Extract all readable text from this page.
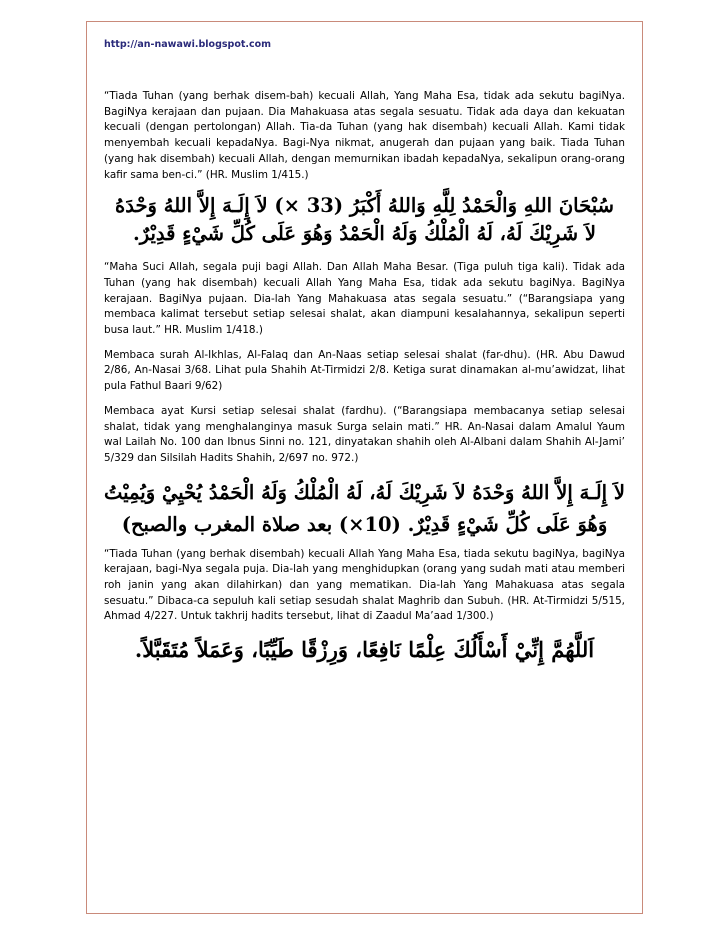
http://an-nawawi.blogspot.com

“Tiada Tuhan (yang berhak disem-bah) kecuali Allah, Yang Maha Esa, tidak ada sekutu bagiNya. BagiNya kerajaan dan pujaan. Dia Mahakuasa atas segala sesuatu. Tidak ada daya dan kekuatan kecuali (dengan pertolongan) Allah. Tia-da Tuhan (yang hak disembah) kecuali Allah. Kami tidak menyembah kecuali kepadaNya. Bagi-Nya nikmat, anugerah dan pujaan yang baik. Tiada Tuhan (yang hak disembah) kecuali Allah, dengan memurnikan ibadah kepadaNya, sekalipun orang-orang kafir sama ben-ci.” (HR. Muslim 1/415.)

سُبْحَانَ اللهِ وَالْحَمْدُ لِلَّهِ وَاللهُ أَكْبَرُ (33 ×) لاَ إِلَـهَ إِلاَّ اللهُ وَحْدَهُ لاَ شَرِيْكَ لَهُ، لَهُ الْمُلْكُ وَلَهُ الْحَمْدُ وَهُوَ عَلَى كُلِّ شَيْءٍ قَدِيْرٌ.

“Maha Suci Allah, segala puji bagi Allah. Dan Allah Maha Besar. (Tiga puluh tiga kali). Tidak ada Tuhan (yang hak disembah) kecuali Allah Yang Maha Esa, tidak ada sekutu bagiNya. BagiNya kerajaan. BagiNya pujaan. Dia-lah Yang Mahakuasa atas segala sesuatu.” (“Barangsiapa yang membaca kalimat tersebut setiap selesai shalat, akan diampuni kesalahannya, sekalipun seperti busa laut.” HR. Muslim 1/418.)

Membaca surah Al-Ikhlas, Al-Falaq dan An-Naas setiap selesai shalat (far-dhu). (HR. Abu Dawud 2/86, An-Nasai 3/68. Lihat pula Shahih At-Tirmidzi 2/8. Ketiga surat dinamakan al-mu’awidzat, lihat pula Fathul Baari 9/62)

Membaca ayat Kursi setiap selesai shalat (fardhu). (“Barangsiapa membacanya setiap selesai shalat, tidak yang menghalanginya masuk Surga selain mati.” HR. An-Nasai dalam Amalul Yaum wal Lailah No. 100 dan Ibnus Sinni no. 121, dinyatakan shahih oleh Al-Albani dalam Shahih Al-Jami’ 5/329 dan Silsilah Hadits Shahih, 2/697 no. 972.)

لاَ إِلَـهَ إِلاَّ اللهُ وَحْدَهُ لاَ شَرِيْكَ لَهُ، لَهُ الْمُلْكُ وَلَهُ الْحَمْدُ يُحْيِيْ وَيُمِيْتُ وَهُوَ عَلَى كُلِّ شَيْءٍ قَدِيْرٌ. (10×) بعد صلاة المغرب والصبح)

“Tiada Tuhan (yang berhak disembah) kecuali Allah Yang Maha Esa, tiada sekutu bagiNya, bagiNya kerajaan, bagi-Nya segala puja. Dia-lah yang menghidupkan (orang yang sudah mati atau memberi roh janin yang akan dilahirkan) dan yang mematikan. Dia-lah Yang Mahakuasa atas segala sesuatu.” Dibaca-ca sepuluh kali setiap sesudah shalat Maghrib dan Subuh. (HR. At-Tirmidzi 5/515, Ahmad 4/227. Untuk takhrij hadits tersebut, lihat di Zaadul Ma’aad 1/300.)

اَللَّهُمَّ إِنِّيْ أَسْأَلُكَ عِلْمًا نَافِعًا، وَرِزْقًا طَيِّبًا، وَعَمَلاً مُتَقَبَّلاً.
